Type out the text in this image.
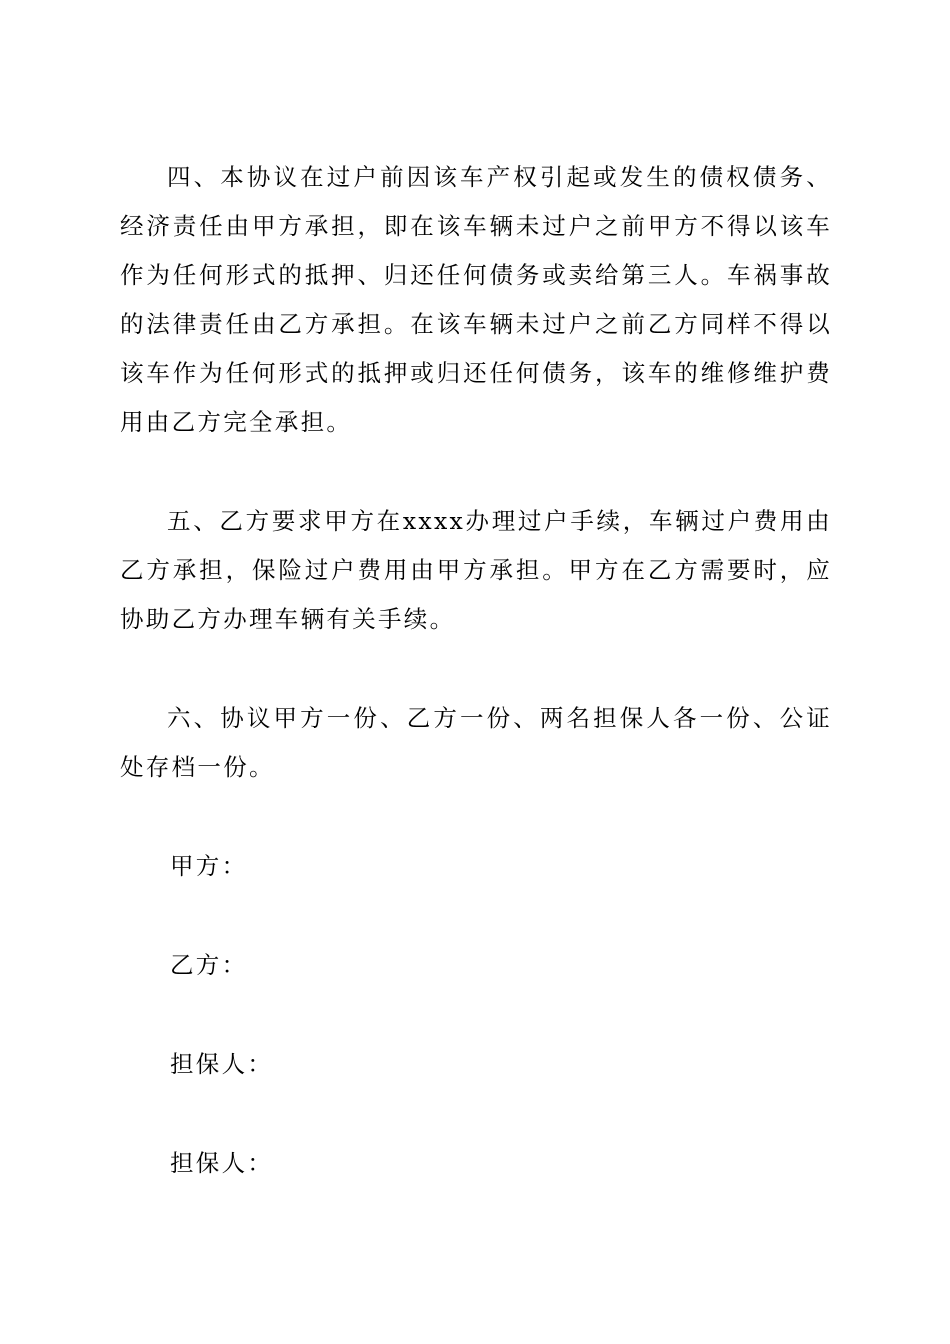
四、本协议在过户前因该车产权引起或发生的债权债务、经济责任由甲方承担，即在该车辆未过户之前甲方不得以该车作为任何形式的抵押、归还任何债务或卖给第三人。车祸事故的法律责任由乙方承担。在该车辆未过户之前乙方同样不得以该车作为任何形式的抵押或归还任何债务，该车的维修维护费用由乙方完全承担。

五、乙方要求甲方在xxxx办理过户手续，车辆过户费用由乙方承担，保险过户费用由甲方承担。甲方在乙方需要时，应协助乙方办理车辆有关手续。

六、协议甲方一份、乙方一份、两名担保人各一份、公证处存档一份。

甲方：

乙方：

担保人：

担保人：
